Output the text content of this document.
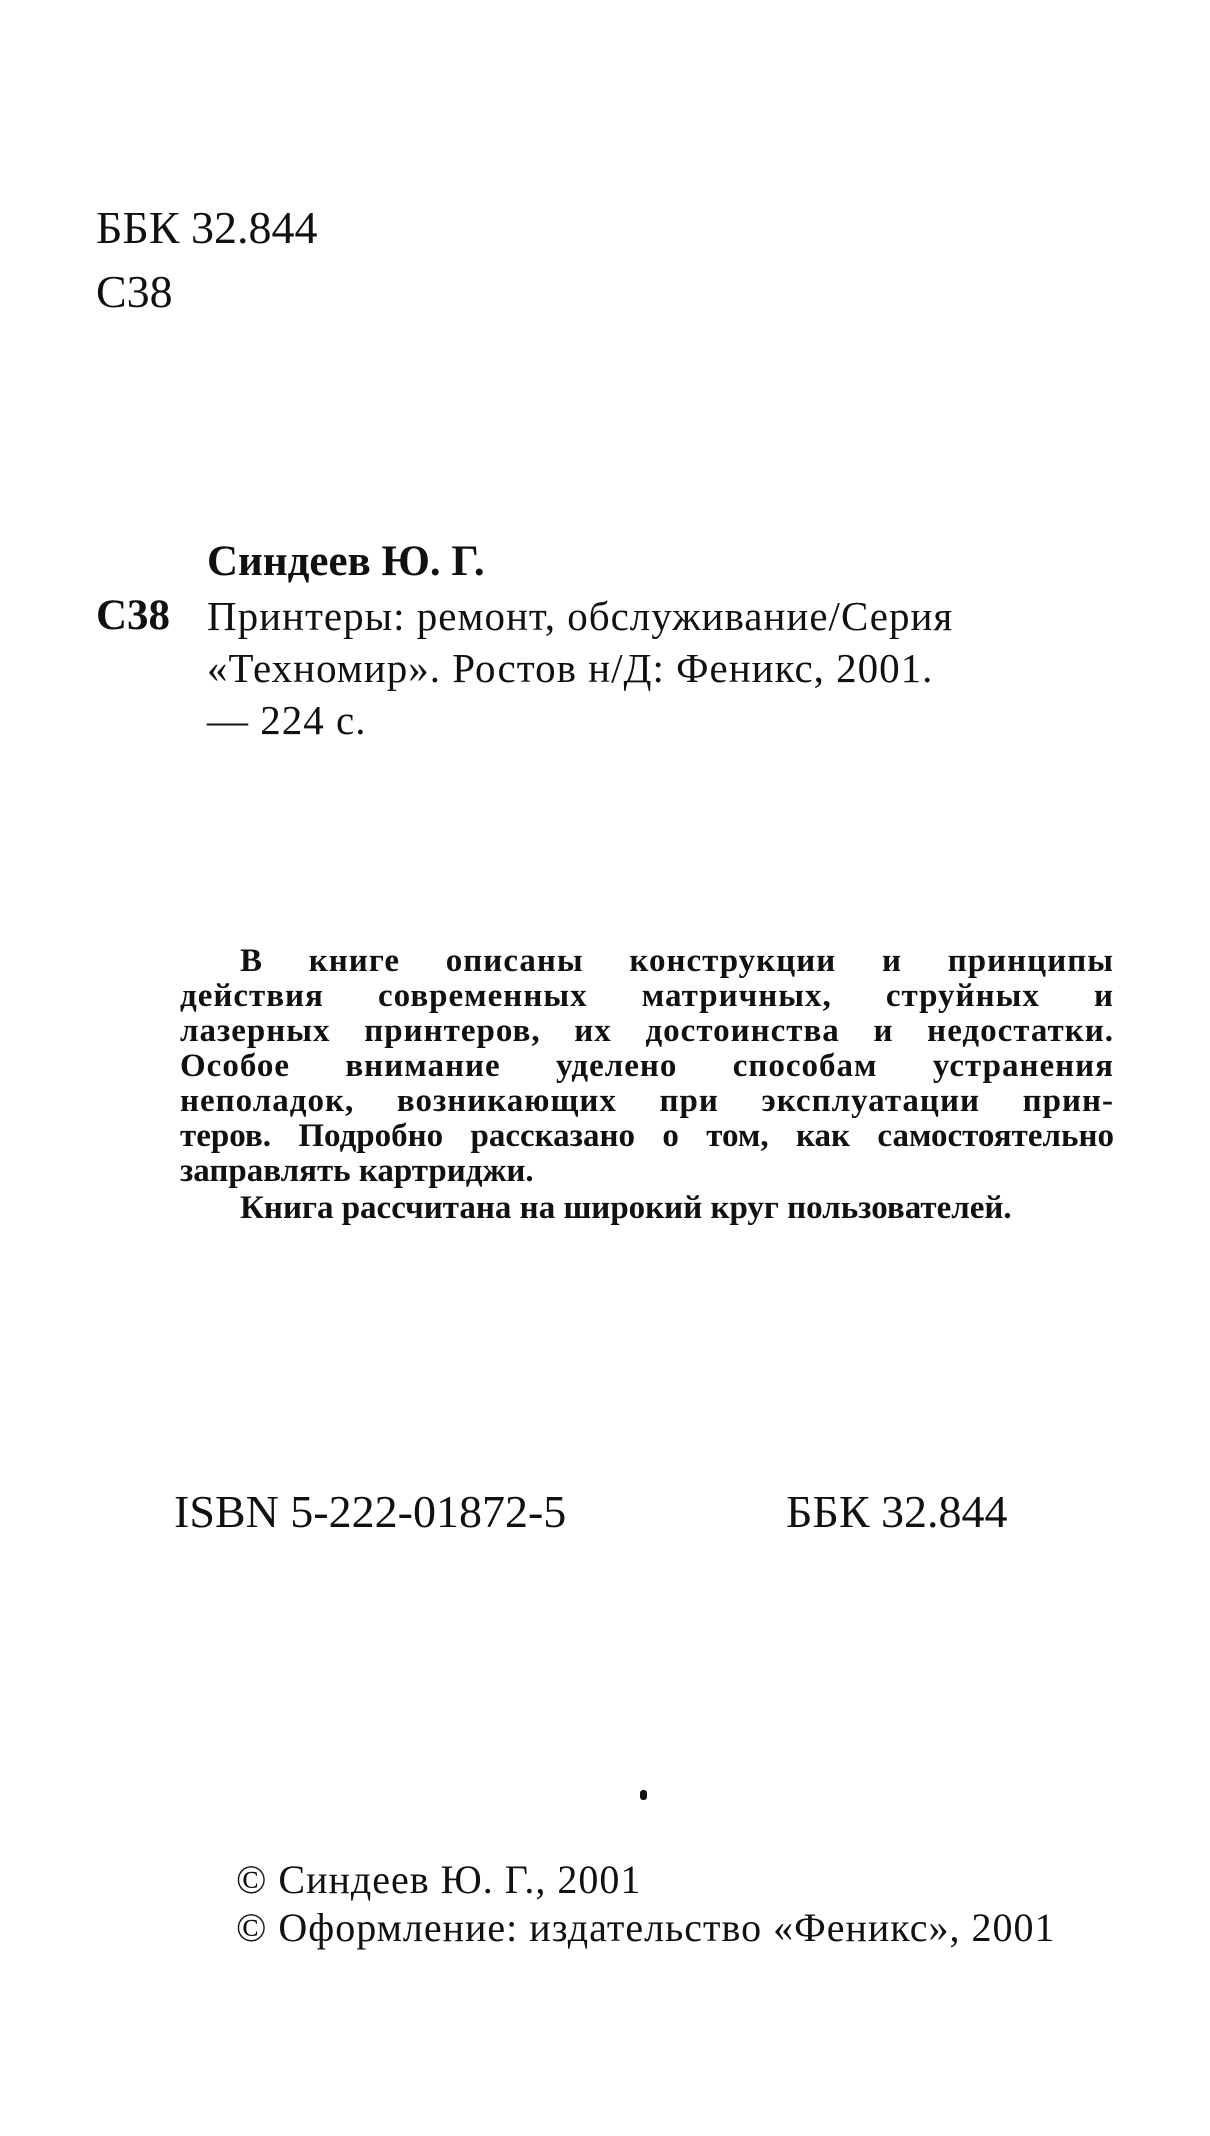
ББК 32.844
С38
Синдеев Ю. Г.
С38 Принтеры: ремонт, обслуживание/Серия
«Техномир». Ростов н/Д: Феникс, 2001.
— 224 с.

В книге описаны конструкции и принципы

действия современных матричных, струйных и

лазерных принтеров, их достоинства и недостатки.

Особое внимание уделено способам устранения

неполадок, возникающих при эксплуатации прин-

теров. Подробно рассказано о том, как самостоятельно

заправлять картриджи.

Книга рассчитана на широкий круг пользователей.

ISBN 5-222-01872-5	ББК 32.844
© Синдеев Ю. Г., 2001
© Оформление: издательство «Феникс», 2001
